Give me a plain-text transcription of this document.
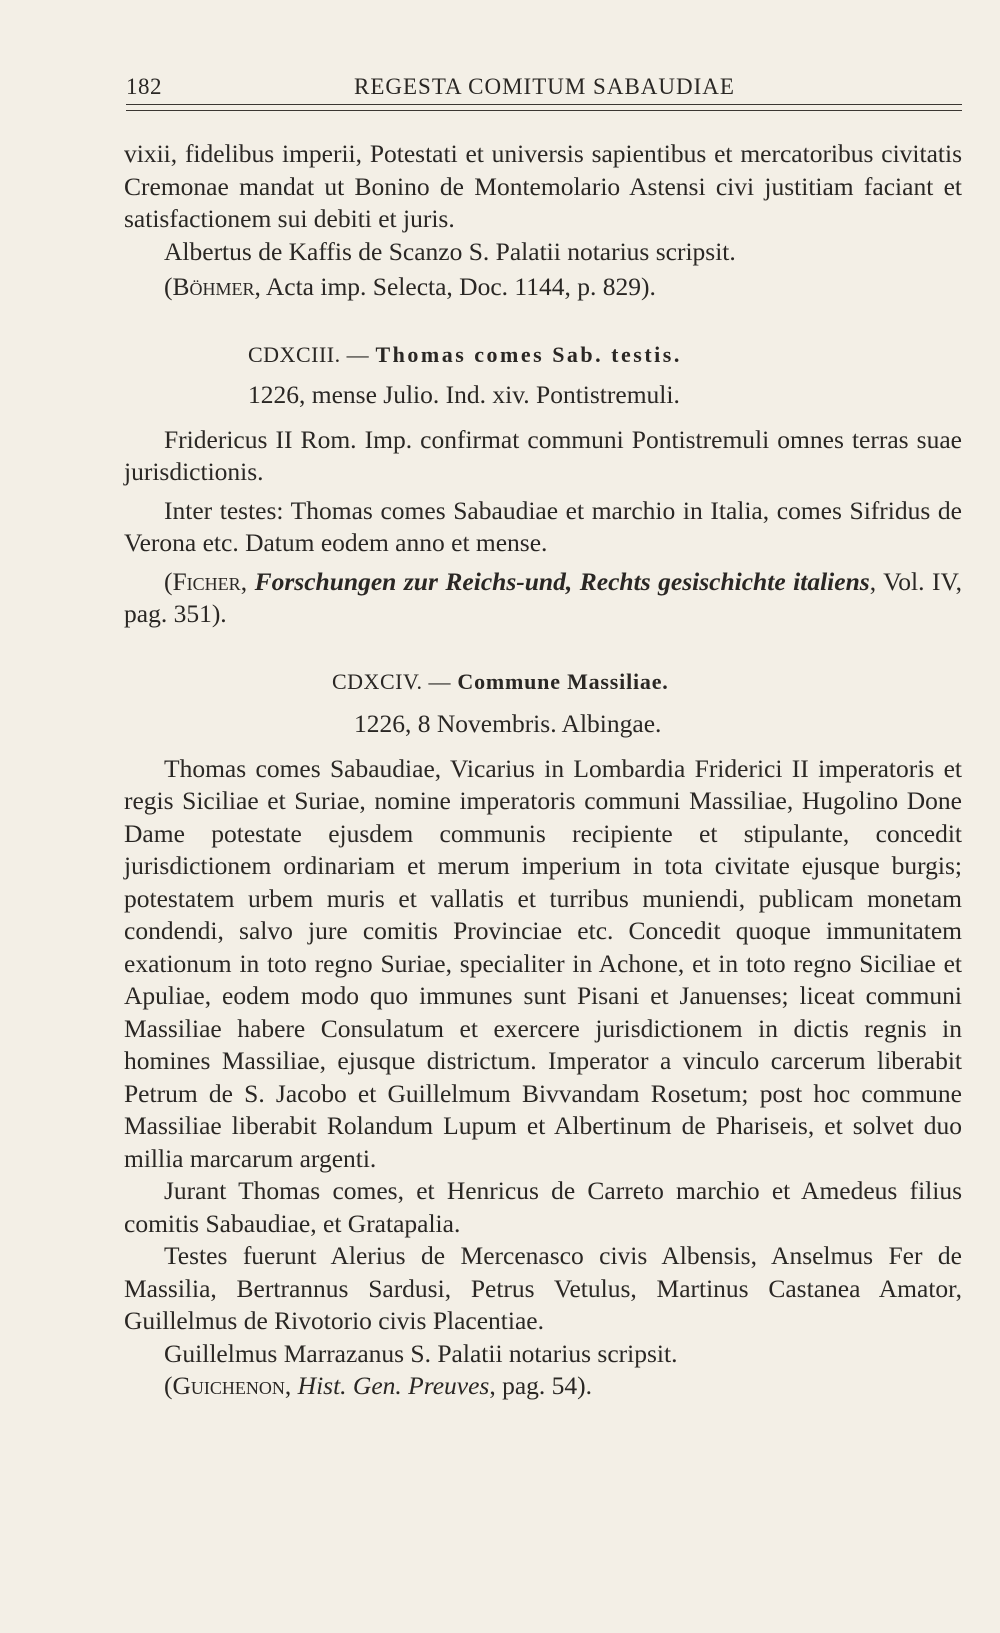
182	REGESTA COMITUM SABAUDIAE

vixii, fidelibus imperii, Potestati et universis sapientibus et mercatoribus civitatis Cremonae mandat ut Bonino de Montemolario Astensi civi justitiam faciant et satisfactionem sui debiti et juris.

Albertus de Kaffis de Scanzo S. Palatii notarius scripsit.

(Böhmer, Acta imp. Selecta, Doc. 1144, p. 829).

CDXCIII. — Thomas comes Sab. testis.

1226, mense Julio. Ind. xiv. Pontistremuli.

Fridericus II Rom. Imp. confirmat communi Pontistremuli omnes terras suae jurisdictionis.

Inter testes: Thomas comes Sabaudiae et marchio in Italia, comes Sifridus de Verona etc. Datum eodem anno et mense.

(Ficher, Forschungen zur Reichs-und, Rechts gesischichte italiens, Vol. IV, pag. 351).

CDXCIV. — Commune Massiliae.

1226, 8 Novembris. Albingae.

Thomas comes Sabaudiae, Vicarius in Lombardia Friderici II imperatoris et regis Siciliae et Suriae, nomine imperatoris communi Massiliae, Hugolino Done Dame potestate ejusdem communis recipiente et stipulante, concedit jurisdictionem ordinariam et merum imperium in tota civitate ejusque burgis; potestatem urbem muris et vallatis et turribus muniendi, publicam monetam condendi, salvo jure comitis Provinciae etc. Concedit quoque immunitatem exationum in toto regno Suriae, specialiter in Achone, et in toto regno Siciliae et Apuliae, eodem modo quo immunes sunt Pisani et Januenses; liceat communi Massiliae habere Consulatum et exercere jurisdictionem in dictis regnis in homines Massiliae, ejusque districtum. Imperator a vinculo carcerum liberabit Petrum de S. Jacobo et Guillelmum Bivvandam Rosetum; post hoc commune Massiliae liberabit Rolandum Lupum et Albertinum de Phariseis, et solvet duo millia marcarum argenti.

Jurant Thomas comes, et Henricus de Carreto marchio et Amedeus filius comitis Sabaudiae, et Gratapalia.

Testes fuerunt Alerius de Mercenasco civis Albensis, Anselmus Fer de Massilia, Bertrannus Sardusi, Petrus Vetulus, Martinus Castanea Amator, Guillelmus de Rivotorio civis Placentiae.

Guillelmus Marrazanus S. Palatii notarius scripsit.

(Guichenon, Hist. Gen. Preuves, pag. 54).
